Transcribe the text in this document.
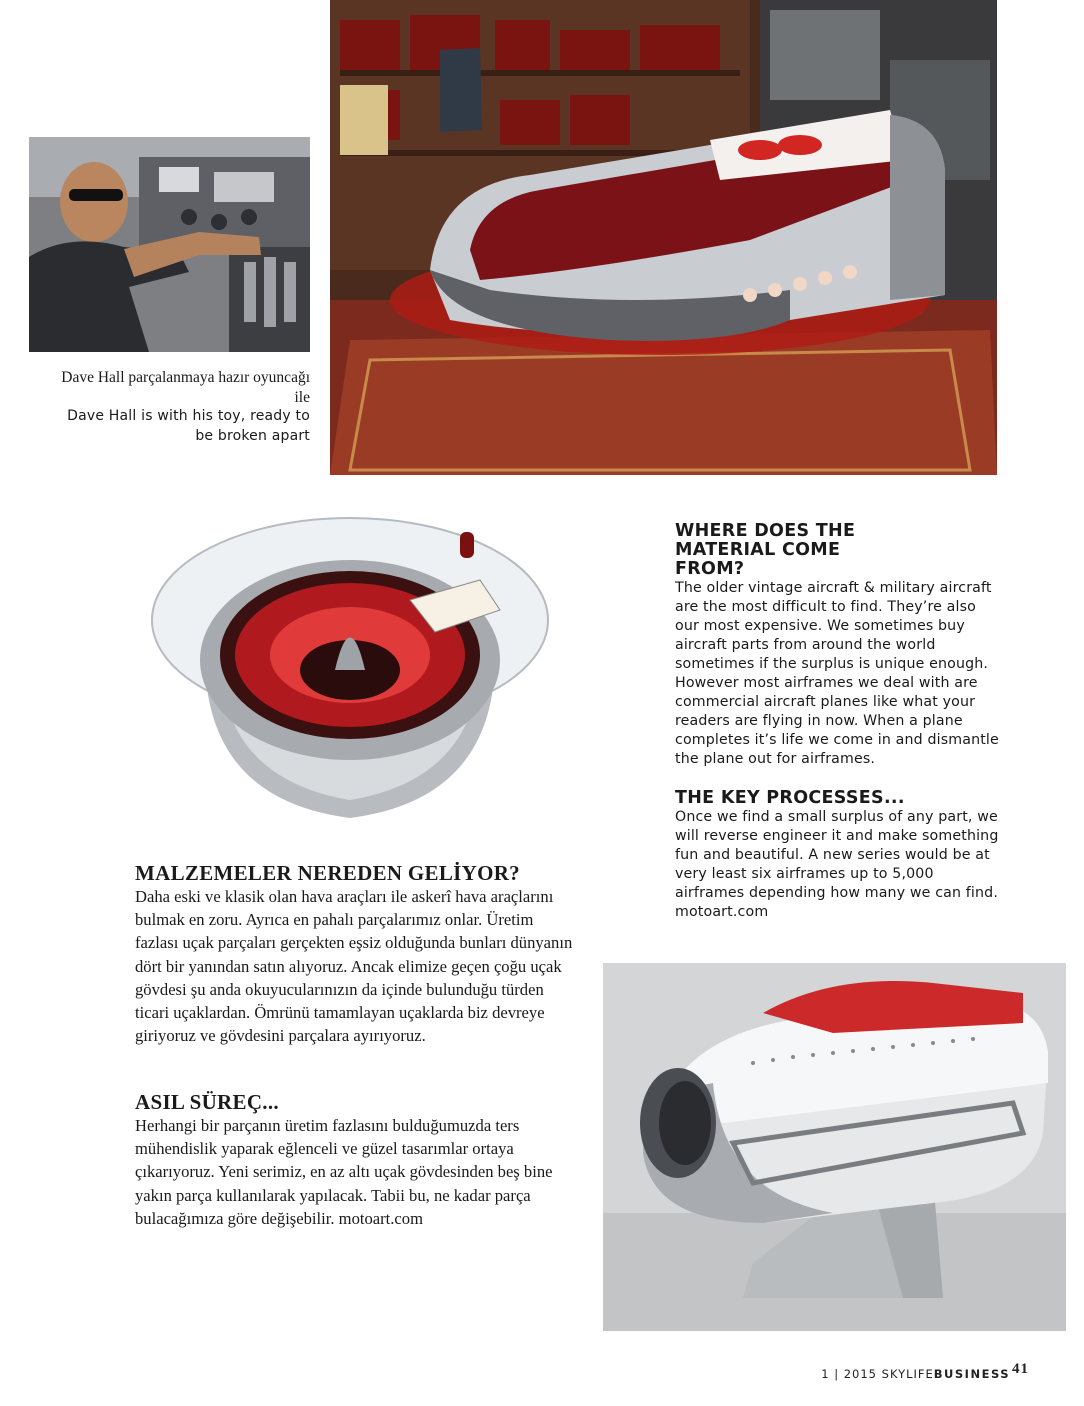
Dave Hall parçalanmaya hazır oyuncağı ile
Dave Hall is with his toy, ready to be broken apart
WHERE DOES THE MATERIAL COME FROM?

The older vintage aircraft & military aircraft are the most difficult to find. They’re also our most expensive. We sometimes buy aircraft parts from around the world sometimes if the surplus is unique enough. However most airframes we deal with are commercial aircraft planes like what your readers are flying in now. When a plane completes it’s life we come in and dismantle the plane out for airframes.

THE KEY PROCESSES...

Once we find a small surplus of any part, we will reverse engineer it and make something fun and beautiful. A new series would be at very least six airframes up to 5,000 airframes depending how many we can find. motoart.com

MALZEMELER NEREDEN GELİYOR?

Daha eski ve klasik olan hava araçları ile askerî hava araçlarını bulmak en zoru. Ayrıca en pahalı parçalarımız onlar. Üretim fazlası uçak parçaları gerçekten eşsiz olduğunda bunları dünyanın dört bir yanından satın alıyoruz. Ancak elimize geçen çoğu uçak gövdesi şu anda okuyucularınızın da içinde bulunduğu türden ticari uçaklardan. Ömrünü tamamlayan uçaklarda biz devreye giriyoruz ve gövdesini parçalara ayırıyoruz.

ASIL SÜREÇ...

Herhangi bir parçanın üretim fazlasını bulduğumuzda ters mühendislik yaparak eğlenceli ve güzel tasarımlar ortaya çıkarıyoruz. Yeni serimiz, en az altı uçak gövdesinden beş bine yakın parça kullanılarak yapılacak. Tabii bu, ne kadar parça bulacağımıza göre değişebilir. motoart.com

1 | 2015 SKYLIFEBUSINESS 41
